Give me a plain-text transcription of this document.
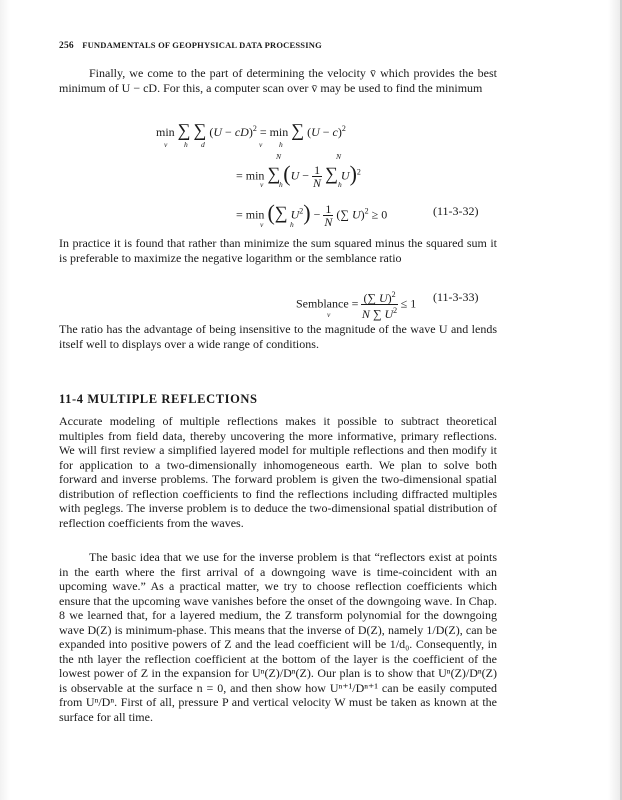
256 FUNDAMENTALS OF GEOPHYSICAL DATA PROCESSING
Finally, we come to the part of determining the velocity v̄ which provides the best minimum of U − cD. For this, a computer scan over v̄ may be used to find the minimum
min ∑ ∑ (U − cD)$^2$ = min ∑ $(U - c)^2$
v h d	v h
N
= min ∑ ($U - \frac{1}{N}$ ∑ U)$^2$
N
v h	h
= min (∑ $U^2) - \frac{1}{N}$ (∑ U)$^2$ ≥ 0
v	h
(11-3-32)
In practice it is found that rather than minimize the sum squared minus the squared sum it is preferable to maximize the negative logarithm or the semblance ratio
Semblance = $\frac{(\sum U)^2}{N \sum U^2} \le 1$
v
(11-3-33)
The ratio has the advantage of being insensitive to the magnitude of the wave U and lends itself well to displays over a wide range of conditions.
11-4 MULTIPLE REFLECTIONS
Accurate modeling of multiple reflections makes it possible to subtract theoretical multiples from field data, thereby uncovering the more informative, primary reflections. We will first review a simplified layered model for multiple reflections and then modify it for application to a two-dimensionally inhomogeneous earth. We plan to solve both forward and inverse problems. The forward problem is given the two-dimensional spatial distribution of reflection coefficients to find the reflections including diffracted multiples with peglegs. The inverse problem is to deduce the two-dimensional spatial distribution of reflection coefficients from the waves.
The basic idea that we use for the inverse problem is that “reflectors exist at points in the earth where the first arrival of a downgoing wave is time-coincident with an upcoming wave.” As a practical matter, we try to choose reflection coefficients which ensure that the upcoming wave vanishes before the onset of the downgoing wave. In Chap. 8 we learned that, for a layered medium, the Z transform polynomial for the downgoing wave D(Z) is minimum-phase. This means that the inverse of D(Z), namely 1/D(Z), can be expanded into positive powers of Z and the lead coefficient will be 1/d₀. Consequently, in the nth layer the reflection coefficient at the bottom of the layer is the coefficient of the lowest power of Z in the expansion for Uⁿ(Z)/Dⁿ(Z). Our plan is to show that Uⁿ(Z)/Dⁿ(Z) is observable at the surface n = 0, and then show how Uⁿ⁺¹/Dⁿ⁺¹ can be easily computed from Uⁿ/Dⁿ. First of all, pressure P and vertical velocity W must be taken as known at the surface for all time.
